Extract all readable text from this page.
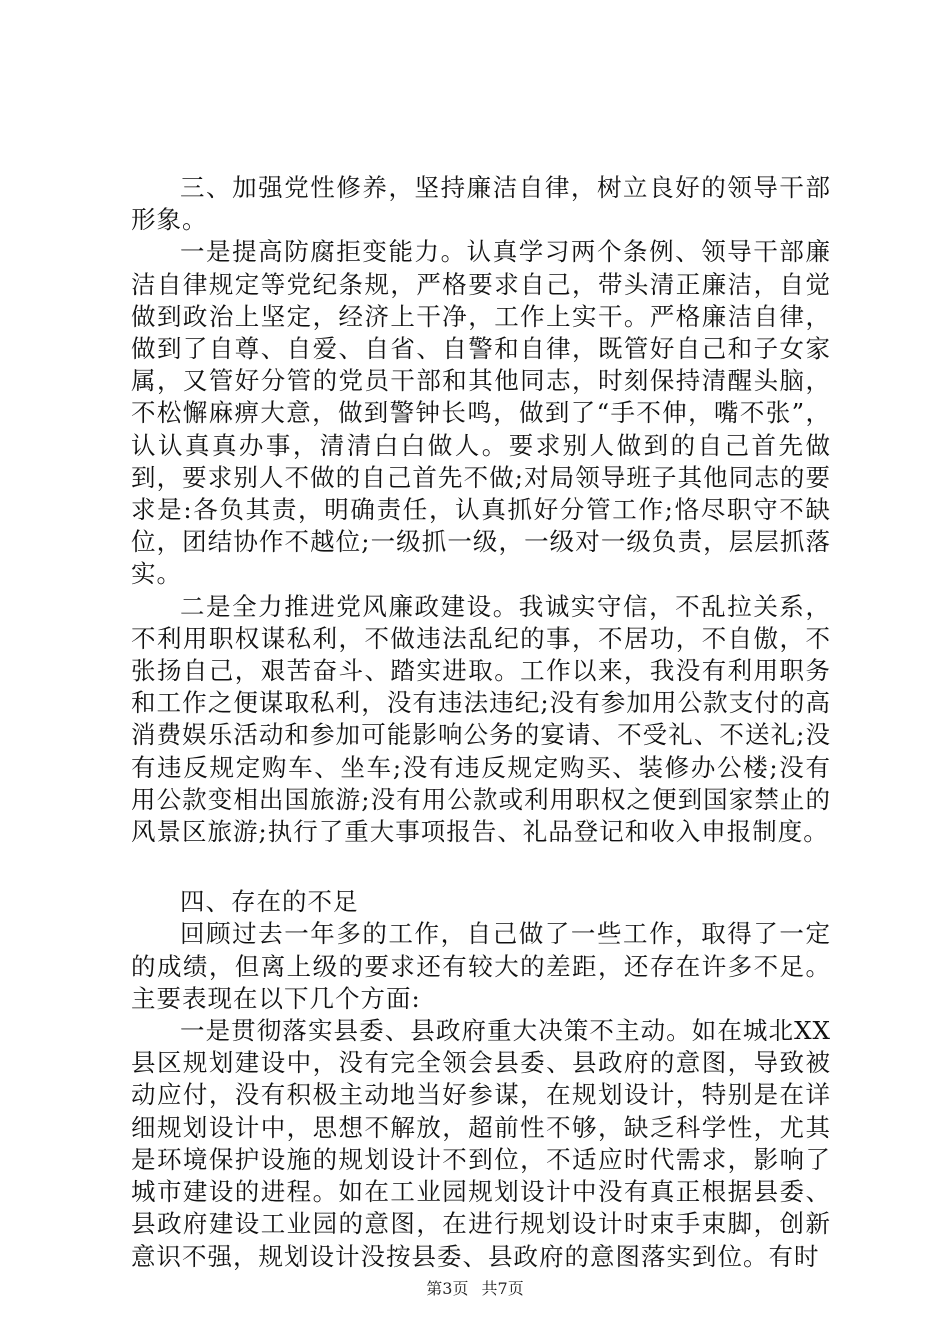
三、加强党性修养，坚持廉洁自律，树立良好的领导干部形象。

一是提高防腐拒变能力。认真学习两个条例、领导干部廉洁自律规定等党纪条规，严格要求自己，带头清正廉洁，自觉做到政治上坚定，经济上干净，工作上实干。严格廉洁自律，做到了自尊、自爱、自省、自警和自律，既管好自己和子女家属，又管好分管的党员干部和其他同志，时刻保持清醒头脑，不松懈麻痹大意，做到警钟长鸣，做到了“手不伸，嘴不张”，认认真真办事，清清白白做人。要求别人做到的自己首先做到，要求别人不做的自己首先不做;对局领导班子其他同志的要求是:各负其责，明确责任，认真抓好分管工作;恪尽职守不缺位，团结协作不越位;一级抓一级，一级对一级负责，层层抓落实。

二是全力推进党风廉政建设。我诚实守信，不乱拉关系，不利用职权谋私利，不做违法乱纪的事，不居功，不自傲，不张扬自己，艰苦奋斗、踏实进取。工作以来，我没有利用职务和工作之便谋取私利，没有违法违纪;没有参加用公款支付的高消费娱乐活动和参加可能影响公务的宴请、不受礼、不送礼;没有违反规定购车、坐车;没有违反规定购买、装修办公楼;没有用公款变相出国旅游;没有用公款或利用职权之便到国家禁止的风景区旅游;执行了重大事项报告、礼品登记和收入申报制度。

四、存在的不足

回顾过去一年多的工作，自己做了一些工作，取得了一定的成绩，但离上级的要求还有较大的差距，还存在许多不足。主要表现在以下几个方面:

一是贯彻落实县委、县政府重大决策不主动。如在城北XX县区规划建设中，没有完全领会县委、县政府的意图，导致被动应付，没有积极主动地当好参谋，在规划设计，特别是在详细规划设计中，思想不解放，超前性不够，缺乏科学性，尤其是环境保护设施的规划设计不到位，不适应时代需求，影响了城市建设的进程。如在工业园规划设计中没有真正根据县委、县政府建设工业园的意图，在进行规划设计时束手束脚，创新意识不强，规划设计没按县委、县政府的意图落实到位。有时

第3页 共7页
